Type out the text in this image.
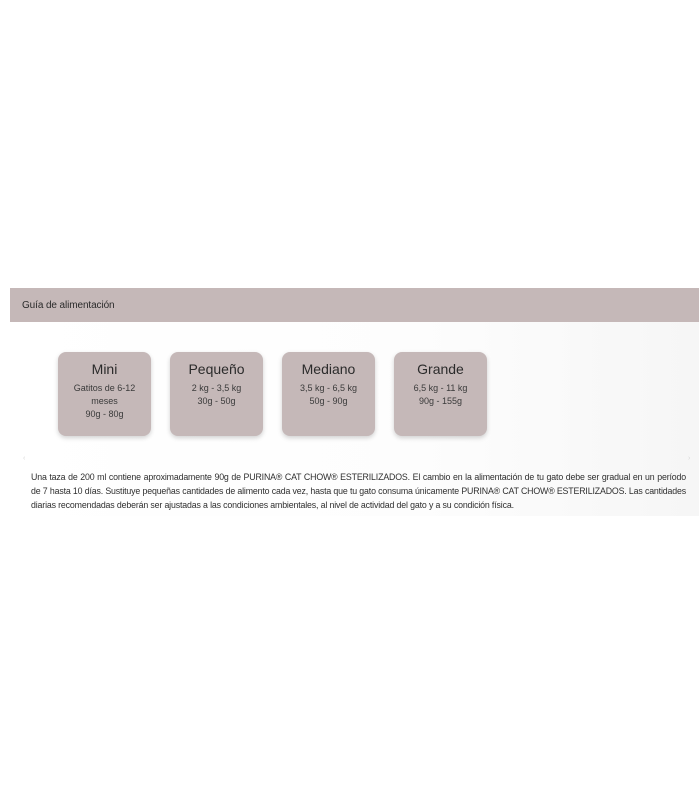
Guía de alimentación
Mini
Gatitos de 6-12
meses
90g - 80g
Pequeño
2 kg - 3,5 kg
30g - 50g
Mediano
3,5 kg - 6,5 kg
50g - 90g
Grande
6,5 kg - 11 kg
90g - 155g
‹	›
Una taza de 200 ml contiene aproximadamente 90g de PURINA® CAT CHOW® ESTERILIZADOS. El cambio en la alimentación de tu gato debe ser gradual en un período de 7 hasta 10 días. Sustituye pequeñas cantidades de alimento cada vez, hasta que tu gato consuma únicamente PURINA® CAT CHOW® ESTERILIZADOS. Las cantidades diarias recomendadas deberán ser ajustadas a las condiciones ambientales, al nivel de actividad del gato y a su condición física.
